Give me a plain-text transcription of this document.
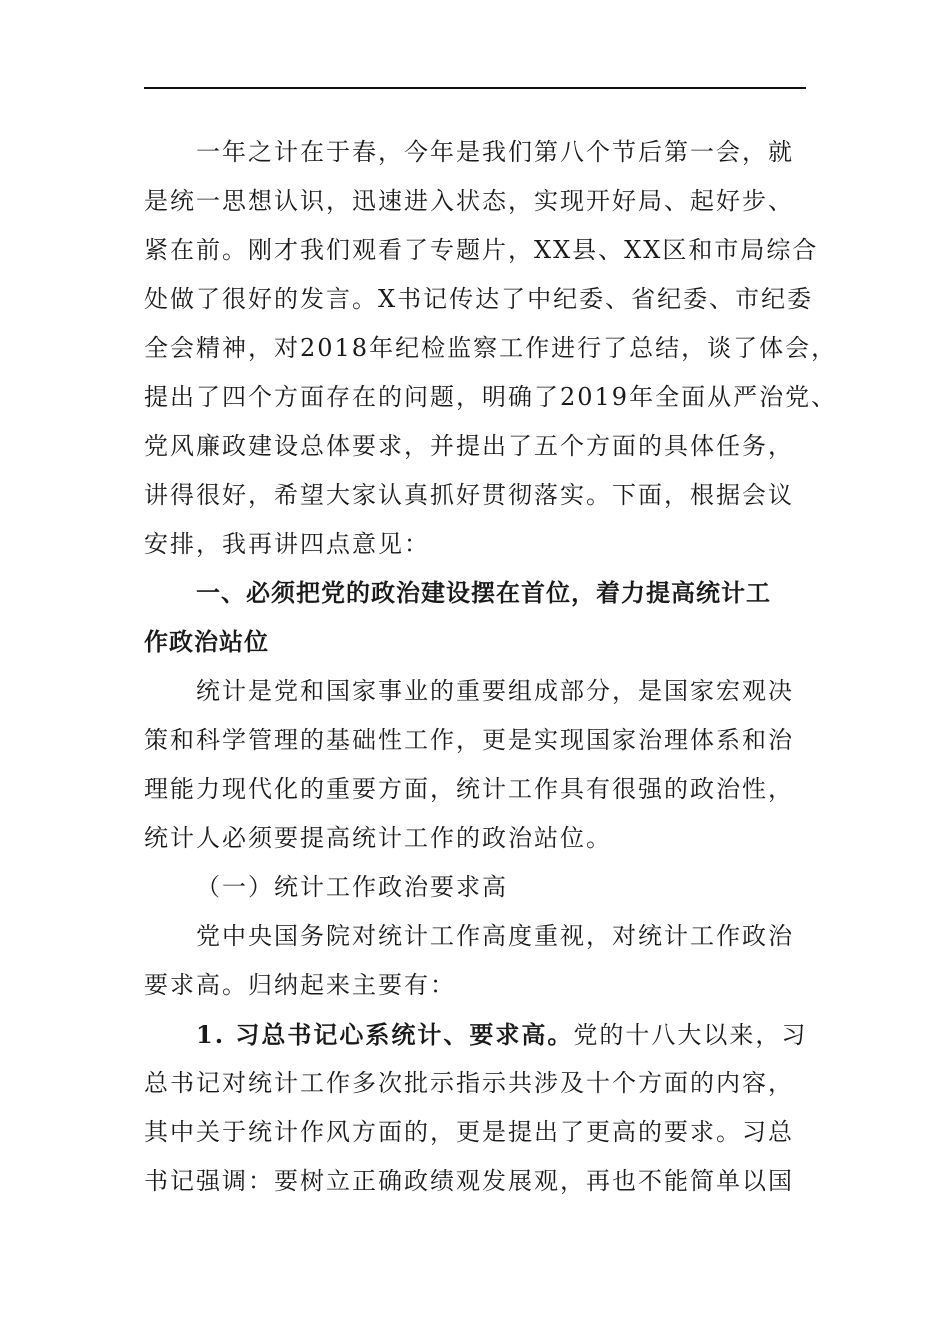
一年之计在于春，今年是我们第八个节后第一会，就
是统一思想认识，迅速进入状态，实现开好局、起好步、
紧在前。刚才我们观看了专题片，XX县、XX区和市局综合
处做了很好的发言。X书记传达了中纪委、省纪委、市纪委
全会精神，对2018年纪检监察工作进行了总结，谈了体会，
提出了四个方面存在的问题，明确了2019年全面从严治党、
党风廉政建设总体要求，并提出了五个方面的具体任务，
讲得很好，希望大家认真抓好贯彻落实。下面，根据会议
安排，我再讲四点意见：
一、必须把党的政治建设摆在首位，着力提高统计工
作政治站位
统计是党和国家事业的重要组成部分，是国家宏观决
策和科学管理的基础性工作，更是实现国家治理体系和治
理能力现代化的重要方面，统计工作具有很强的政治性，
统计人必须要提高统计工作的政治站位。
（一）统计工作政治要求高
党中央国务院对统计工作高度重视，对统计工作政治
要求高。归纳起来主要有：
1. 习总书记心系统计、要求高。党的十八大以来，习
总书记对统计工作多次批示指示共涉及十个方面的内容，
其中关于统计作风方面的，更是提出了更高的要求。习总
书记强调：要树立正确政绩观发展观，再也不能简单以国
